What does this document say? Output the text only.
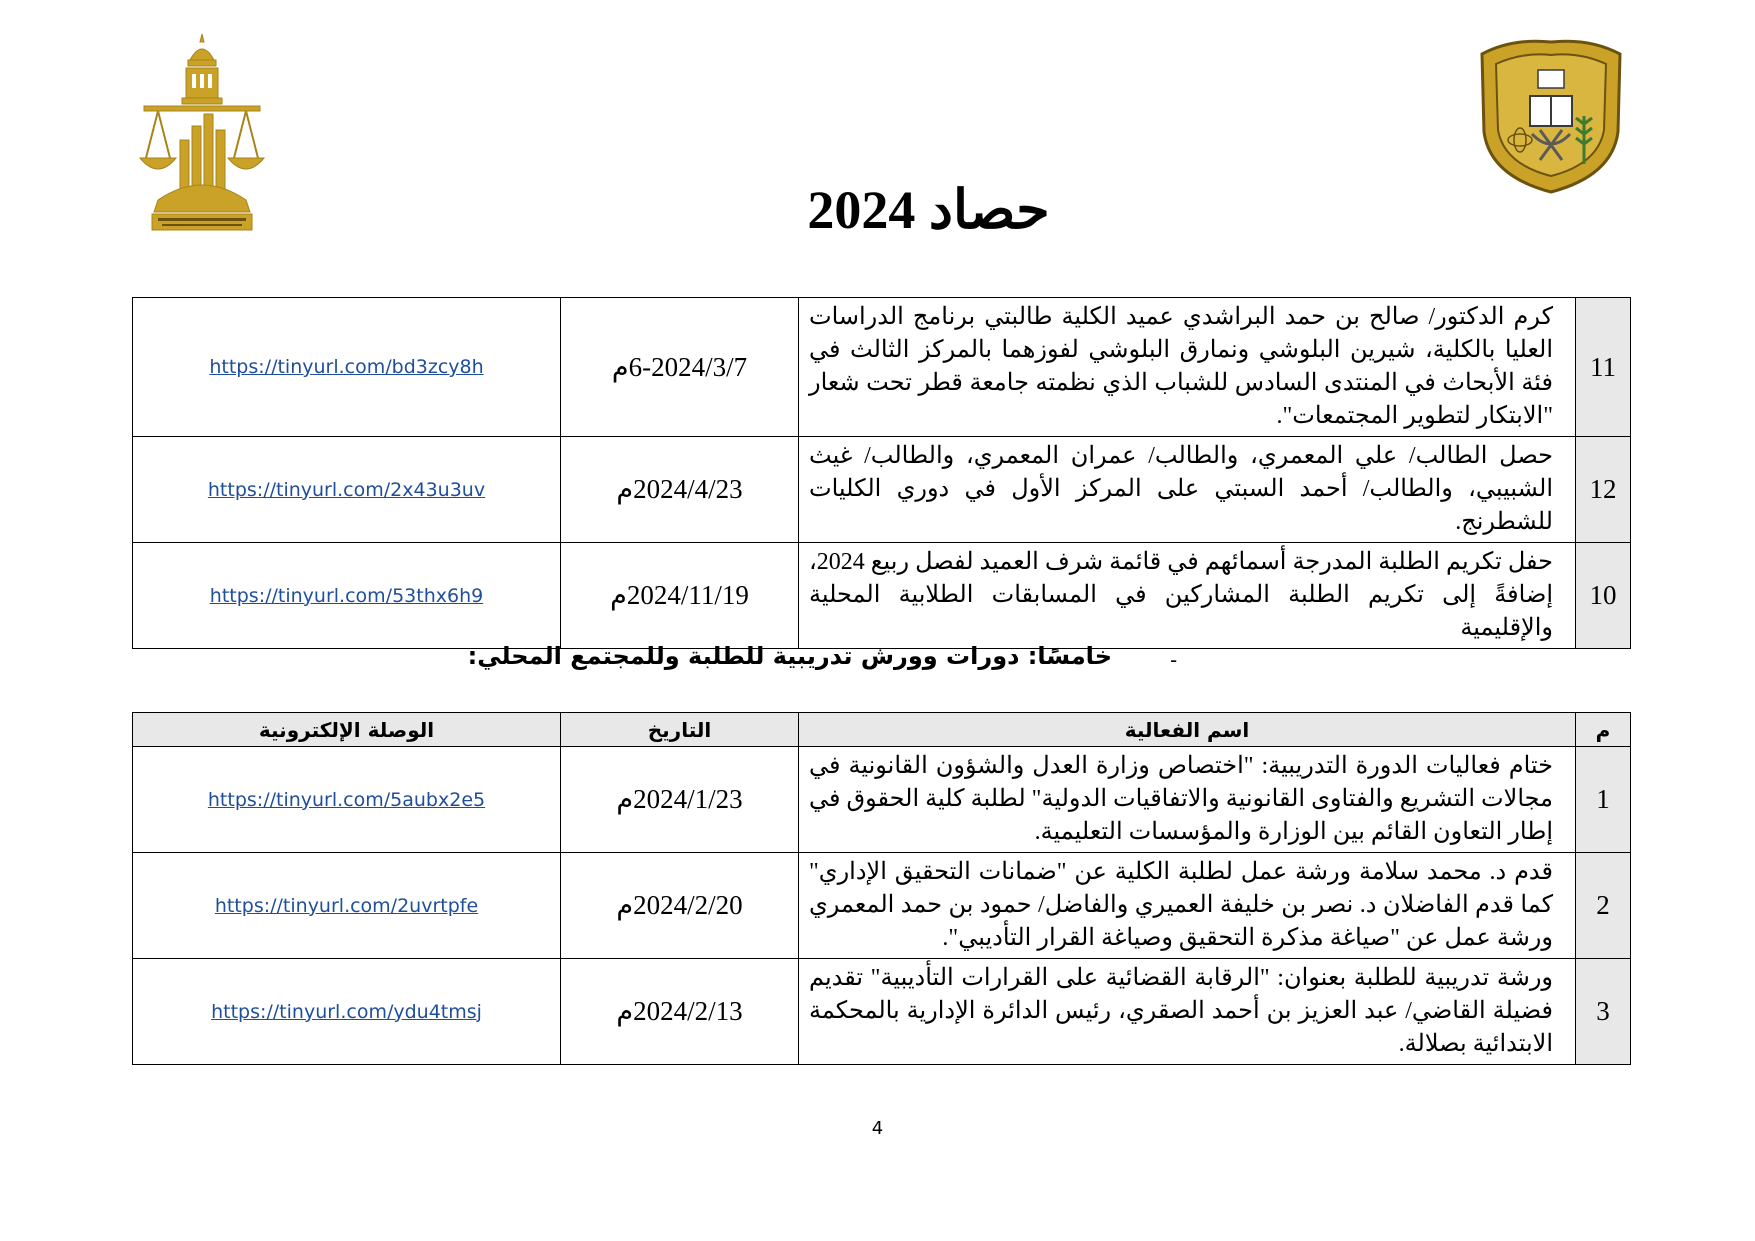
حصاد 2024
11	كرم الدكتور/ صالح بن حمد البراشدي عميد الكلية طالبتي برنامج الدراسات العليا بالكلية، شيرين البلوشي ونمارق البلوشي لفوزهما بالمركز الثالث في فئة الأبحاث في المنتدى السادس للشباب الذي نظمته جامعة قطر تحت شعار "الابتكار لتطوير المجتمعات".	6-2024/3/7م	https://tinyurl.com/bd3zcy8h
12	حصل الطالب/ علي المعمري، والطالب/ عمران المعمري، والطالب/ غيث الشبيبي، والطالب/ أحمد السبتي على المركز الأول في دوري الكليات للشطرنج.	2024/4/23م	https://tinyurl.com/2x43u3uv
10	حفل تكريم الطلبة المدرجة أسمائهم في قائمة شرف العميد لفصل ربيع 2024، إضافةً إلى تكريم الطلبة المشاركين في المسابقات الطلابية المحلية والإقليمية	2024/11/19م	https://tinyurl.com/53thx6h9
-
خامسًا: دورات وورش تدريبية للطلبة وللمجتمع المحلي:
م	اسم الفعالية	التاريخ	الوصلة الإلكترونية
1	ختام فعاليات الدورة التدريبية: "اختصاص وزارة العدل والشؤون القانونية في مجالات التشريع والفتاوى القانونية والاتفاقيات الدولية" لطلبة كلية الحقوق في إطار التعاون القائم بين الوزارة والمؤسسات التعليمية.	2024/1/23م	https://tinyurl.com/5aubx2e5
2	قدم د. محمد سلامة ورشة عمل لطلبة الكلية عن "ضمانات التحقيق الإداري" كما قدم الفاضلان د. نصر بن خليفة العميري والفاضل/ حمود بن حمد المعمري ورشة عمل عن "صياغة مذكرة التحقيق وصياغة القرار التأديبي".	2024/2/20م	https://tinyurl.com/2uvrtpfe
3	ورشة تدريبية للطلبة بعنوان: "الرقابة القضائية على القرارات التأديبية" تقديم فضيلة القاضي/ عبد العزيز بن أحمد الصقري، رئيس الدائرة الإدارية بالمحكمة الابتدائية بصلالة.	2024/2/13م	https://tinyurl.com/ydu4tmsj
4
